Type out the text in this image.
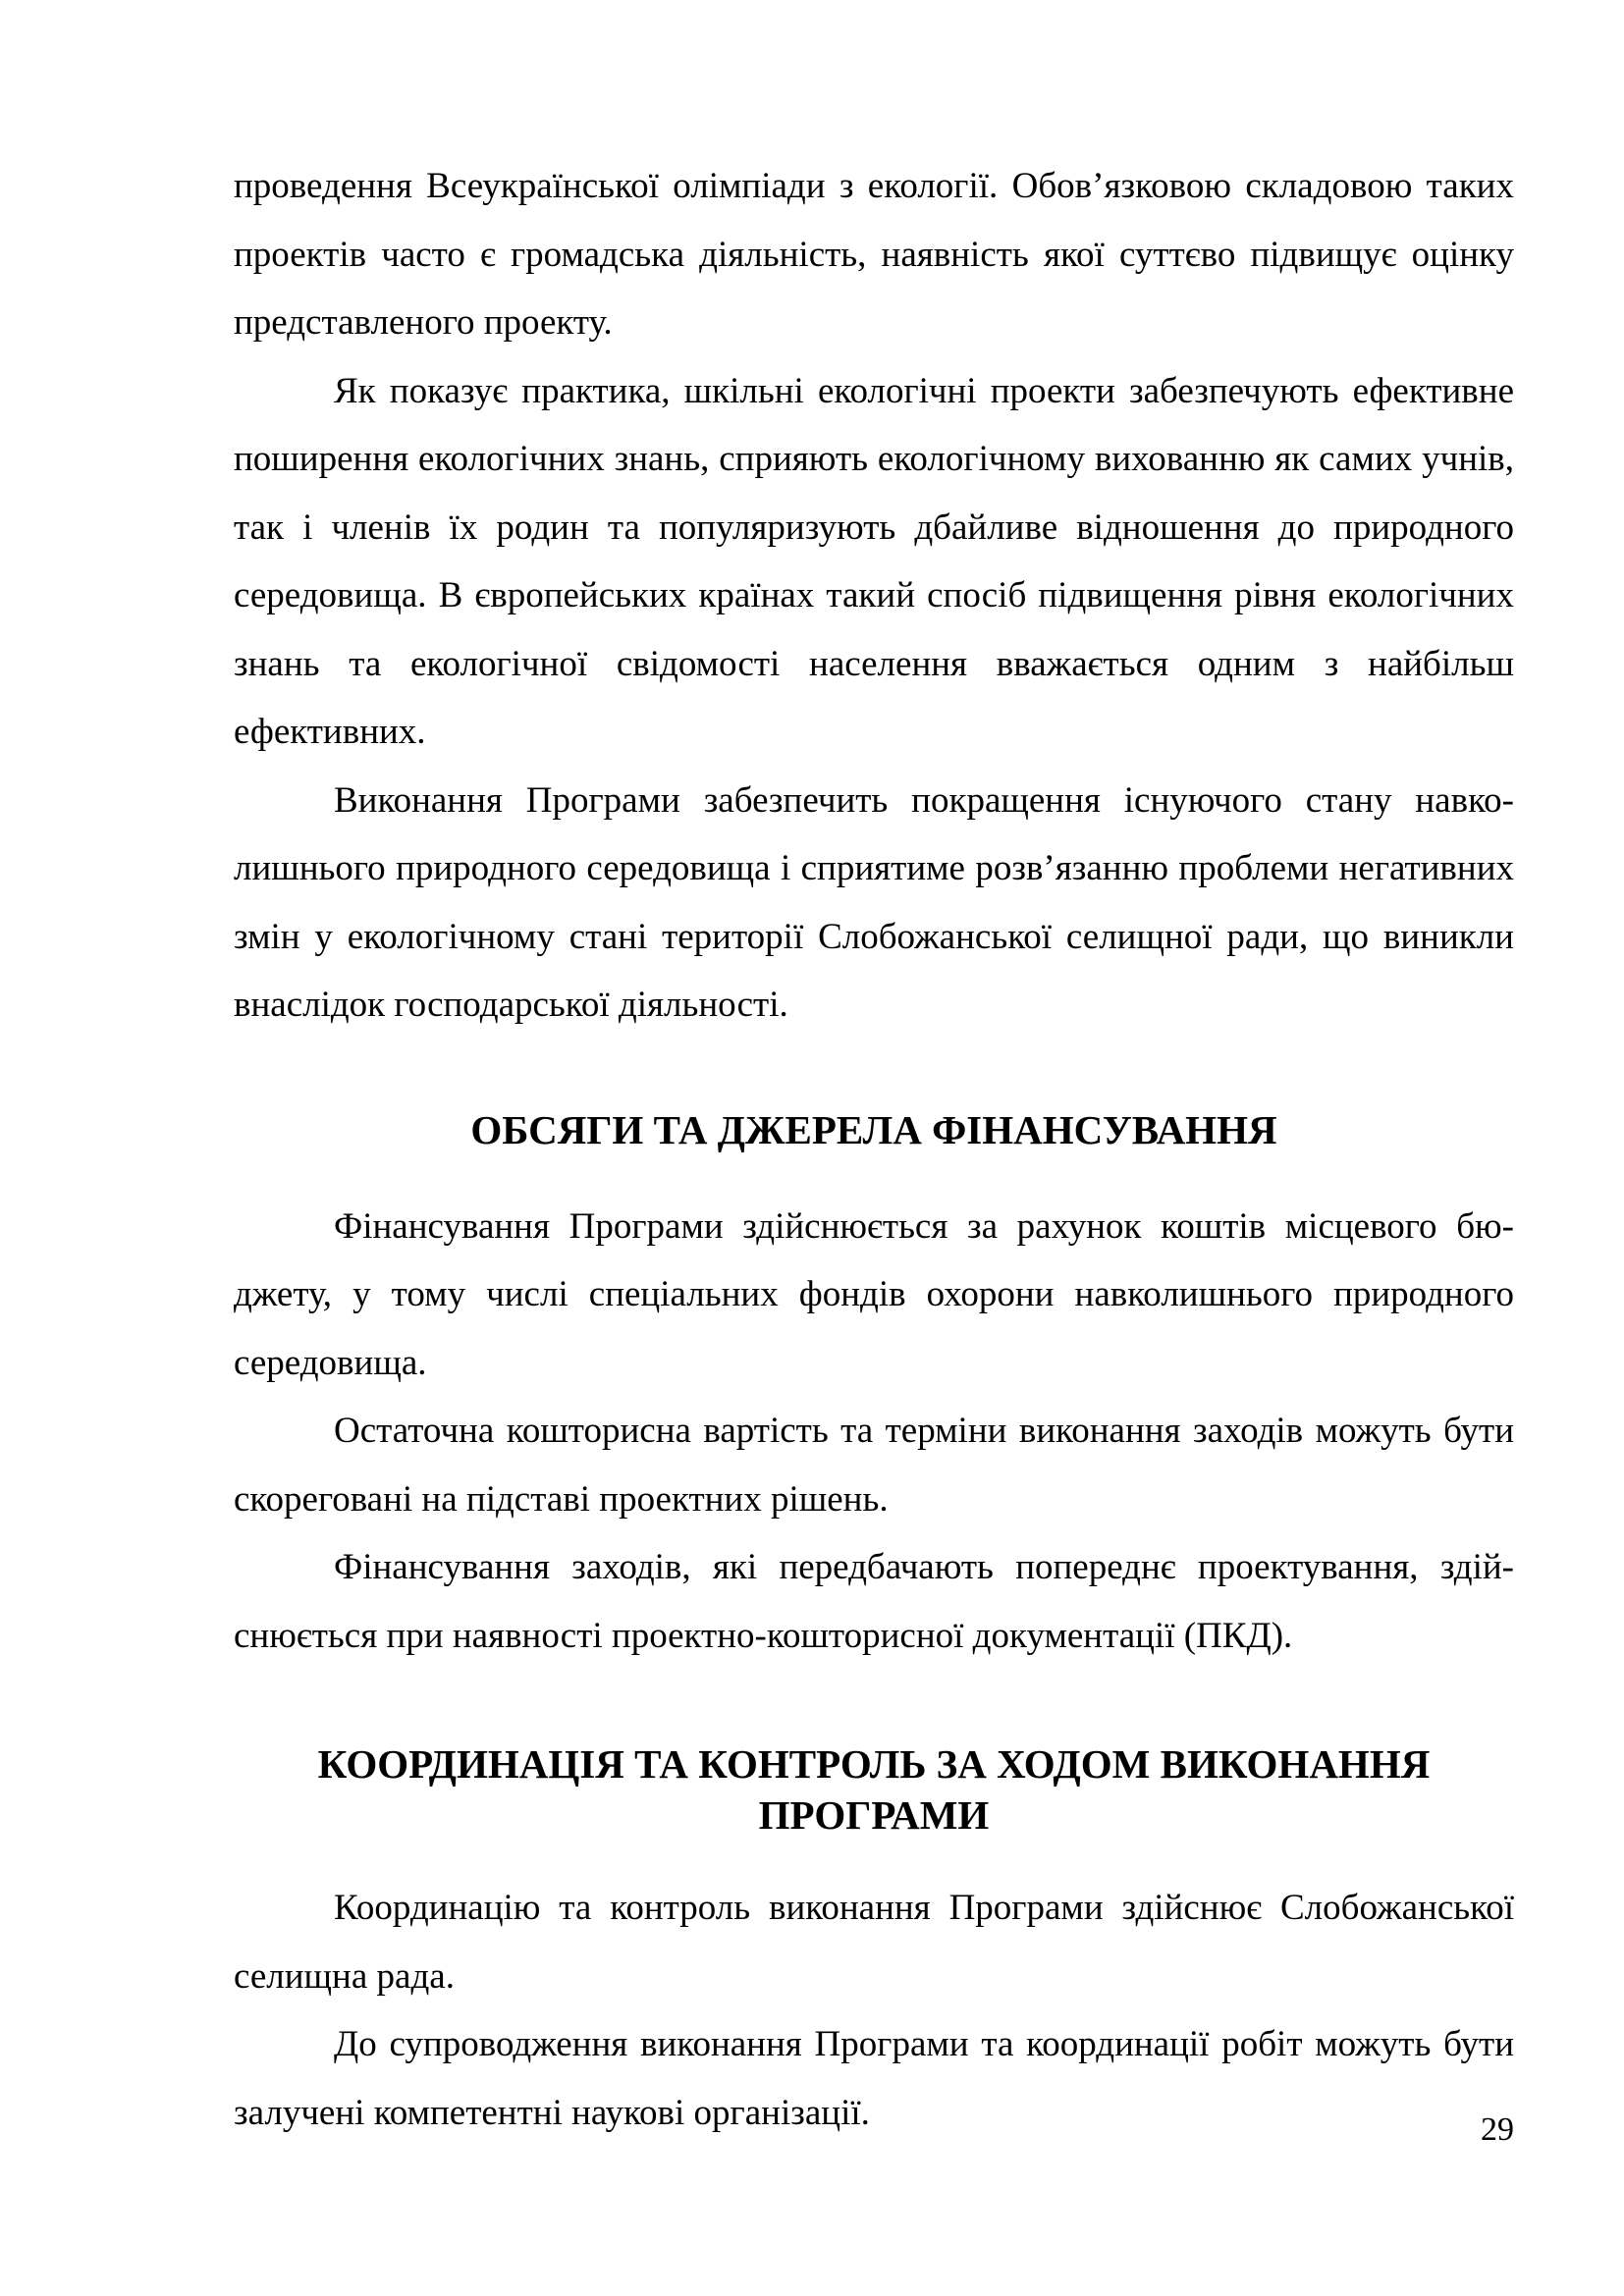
проведення Всеукраїнської олімпіади з екології. Обов’язковою складовою таких проектів часто є громадська діяльність, наявність якої суттєво підвищує оцінку представленого проекту.

Як показує практика, шкільні екологічні проекти забезпечують ефективне поширення екологічних знань, сприяють екологічному вихованню як самих учнів, так і членів їх родин та популяризують дбайливе відношення до природного середовища. В європейських країнах такий спосіб підвищення рівня екологічних знань та екологічної свідомості населення вважається одним з найбільш ефективних.

Виконання Програми забезпечить покращення існуючого стану навколишнього природного середовища і сприятиме розв’язанню проблеми негативних змін у екологічному стані території Слобожанської селищної ради, що виникли внаслідок господарської діяльності.

ОБСЯГИ ТА ДЖЕРЕЛА ФІНАНСУВАННЯ

Фінансування Програми здійснюється за рахунок коштів місцевого бюджету, у тому числі спеціальних фондів охорони навколишнього природного середовища.

Остаточна кошторисна вартість та терміни виконання заходів можуть бути скореговані на підставі проектних рішень.

Фінансування заходів, які передбачають попереднє проектування, здійснюється при наявності проектно-кошторисної документації (ПКД).

КООРДИНАЦІЯ ТА КОНТРОЛЬ ЗА ХОДОМ ВИКОНАННЯ
ПРОГРАМИ

Координацію та контроль виконання Програми здійснює Слобожанської селищна рада.

До супроводження виконання Програми та координації робіт можуть бути залучені компетентні наукові організації.	29
